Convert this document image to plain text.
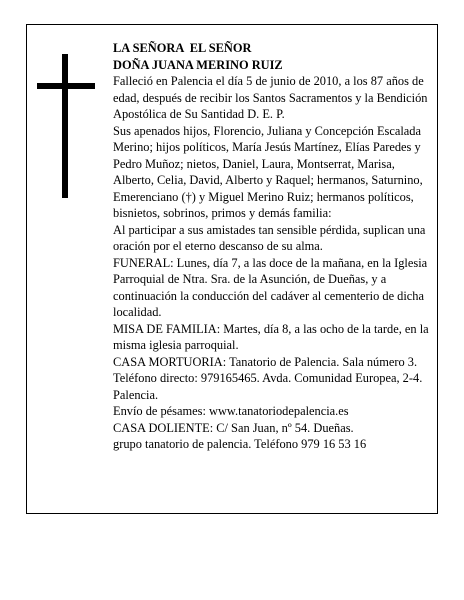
LA SEÑORA  EL SEÑOR

DOÑA JUANA MERINO RUIZ

Falleció en Palencia el día 5 de junio de 2010, a los 87 años de edad, después de recibir los Santos Sacramentos y la Bendición Apostólica de Su Santidad D. E. P.

Sus apenados hijos, Florencio, Juliana y Concepción Escalada Merino; hijos políticos, María Jesús Martínez, Elías Paredes y Pedro Muñoz; nietos, Daniel, Laura, Montserrat, Marisa, Alberto, Celia, David, Alberto y Raquel; hermanos, Saturnino, Emerenciano (†) y Miguel Merino Ruiz; hermanos políticos, bisnietos, sobrinos, primos y demás familia:

Al participar a sus amistades tan sensible pérdida, suplican una oración por el eterno descanso de su alma.

FUNERAL: Lunes, día 7, a las doce de la mañana, en la Iglesia Parroquial de Ntra. Sra. de la Asunción, de Dueñas, y a continuación la conducción del cadáver al cementerio de dicha localidad.

MISA DE FAMILIA: Martes, día 8, a las ocho de la tarde, en la misma iglesia parroquial.

CASA MORTUORIA: Tanatorio de Palencia. Sala número 3. Teléfono directo: 979165465. Avda. Comunidad Europea, 2-4. Palencia.

Envío de pésames: www.tanatoriodepalencia.es

CASA DOLIENTE: C/ San Juan, nº 54. Dueñas.

grupo tanatorio de palencia. Teléfono 979 16 53 16
